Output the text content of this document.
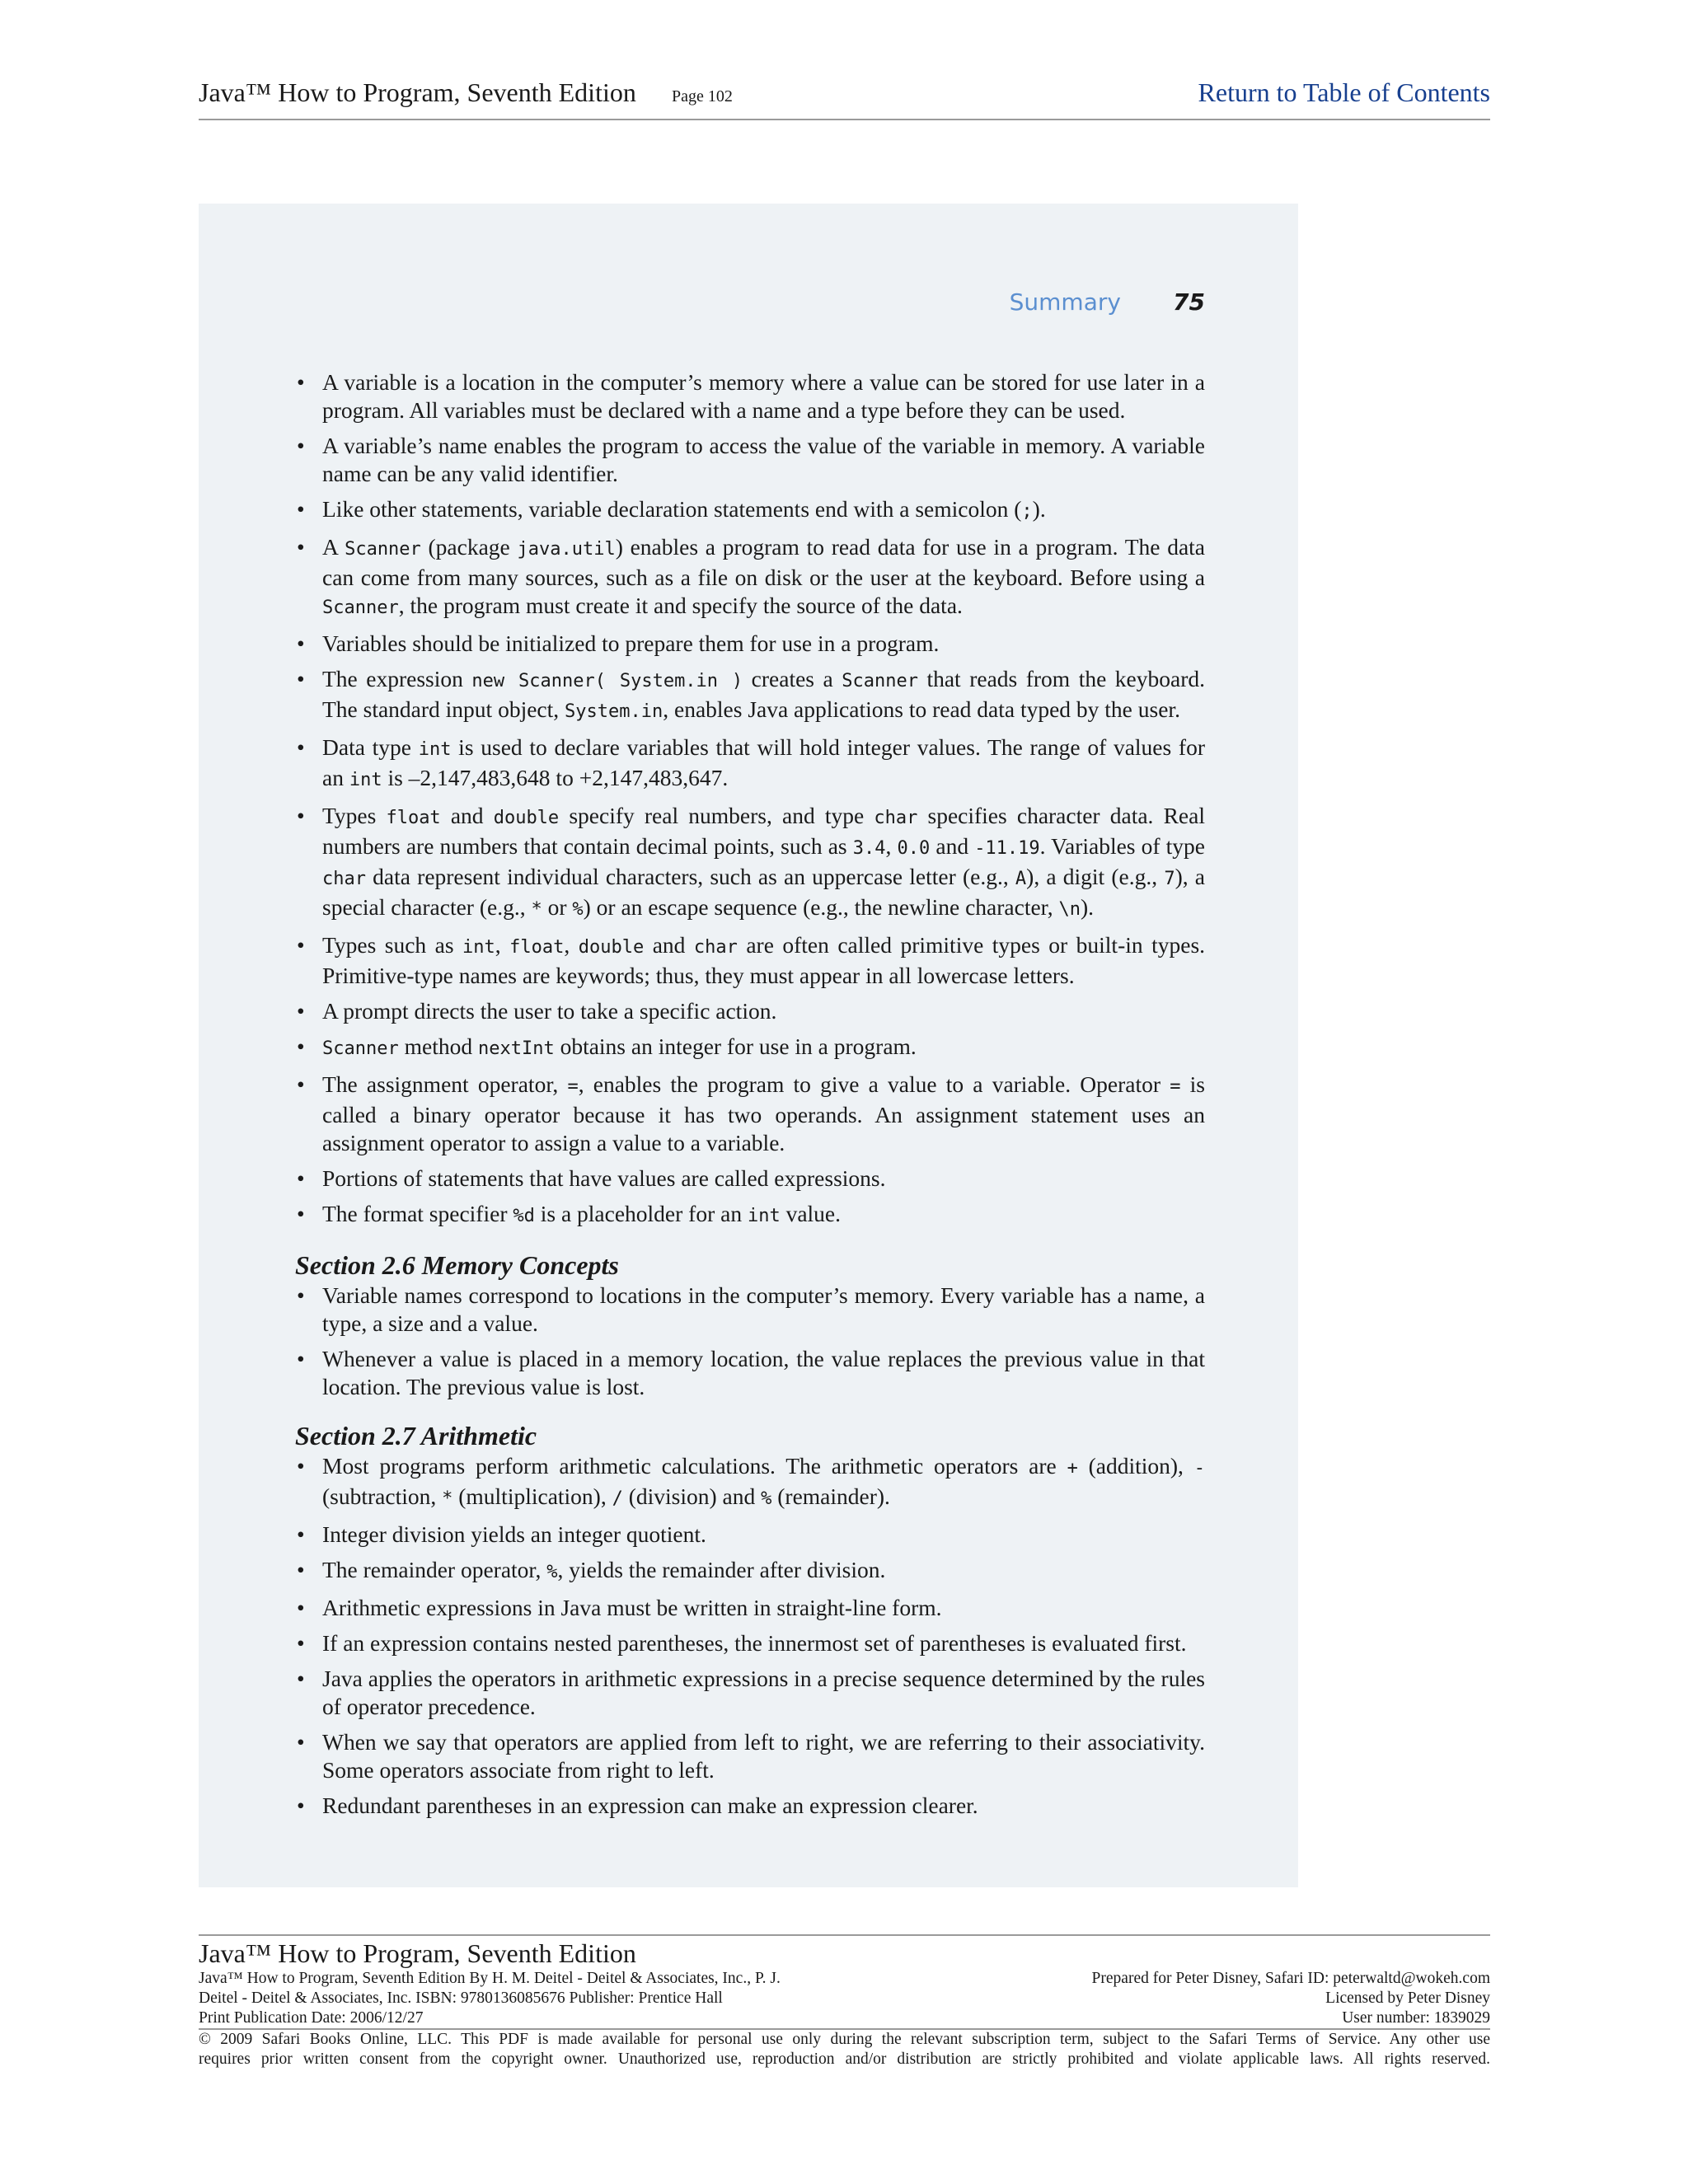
Java™ How to Program, Seventh Edition Page 102	Return to Table of Contents
Summary 75
• A variable is a location in the computer’s memory where a value can be stored for use later in a program. All variables must be declared with a name and a type before they can be used.
• A variable’s name enables the program to access the value of the variable in memory. A variable name can be any valid identifier.
• Like other statements, variable declaration statements end with a semicolon (;).
• A Scanner (package java.util) enables a program to read data for use in a program. The data can come from many sources, such as a file on disk or the user at the keyboard. Before using a Scanner, the program must create it and specify the source of the data.
• Variables should be initialized to prepare them for use in a program.
• The expression new Scanner( System.in ) creates a Scanner that reads from the keyboard. The standard input object, System.in, enables Java applications to read data typed by the user.
• Data type int is used to declare variables that will hold integer values. The range of values for an int is –2,147,483,648 to +2,147,483,647.
• Types float and double specify real numbers, and type char specifies character data. Real numbers are numbers that contain decimal points, such as 3.4, 0.0 and -11.19. Variables of type char data represent individual characters, such as an uppercase letter (e.g., A), a digit (e.g., 7), a special character (e.g., * or %) or an escape sequence (e.g., the newline character, \n).
• Types such as int, float, double and char are often called primitive types or built-in types. Primitive-type names are keywords; thus, they must appear in all lowercase letters.
• A prompt directs the user to take a specific action.
• Scanner method nextInt obtains an integer for use in a program.
• The assignment operator, =, enables the program to give a value to a variable. Operator = is called a binary operator because it has two operands. An assignment statement uses an assignment operator to assign a value to a variable.
• Portions of statements that have values are called expressions.
• The format specifier %d is a placeholder for an int value.
Section 2.6 Memory Concepts
• Variable names correspond to locations in the computer’s memory. Every variable has a name, a type, a size and a value.
• Whenever a value is placed in a memory location, the value replaces the previous value in that location. The previous value is lost.
Section 2.7 Arithmetic
• Most programs perform arithmetic calculations. The arithmetic operators are + (addition), - (subtraction, * (multiplication), / (division) and % (remainder).
• Integer division yields an integer quotient.
• The remainder operator, %, yields the remainder after division.
• Arithmetic expressions in Java must be written in straight-line form.
• If an expression contains nested parentheses, the innermost set of parentheses is evaluated first.
• Java applies the operators in arithmetic expressions in a precise sequence determined by the rules of operator precedence.
• When we say that operators are applied from left to right, we are referring to their associativity. Some operators associate from right to left.
• Redundant parentheses in an expression can make an expression clearer.
Java™ How to Program, Seventh Edition
Java™ How to Program, Seventh Edition By H. M. Deitel - Deitel & Associates, Inc., P. J.
Deitel - Deitel & Associates, Inc. ISBN: 9780136085676 Publisher: Prentice Hall
Print Publication Date: 2006/12/27
Prepared for Peter Disney, Safari ID: peterwaltd@wokeh.com
Licensed by Peter Disney
User number: 1839029
© 2009 Safari Books Online, LLC. This PDF is made available for personal use only during the relevant subscription term, subject to the Safari Terms of Service. Any other use
requires prior written consent from the copyright owner. Unauthorized use, reproduction and/or distribution are strictly prohibited and violate applicable laws. All rights reserved.
